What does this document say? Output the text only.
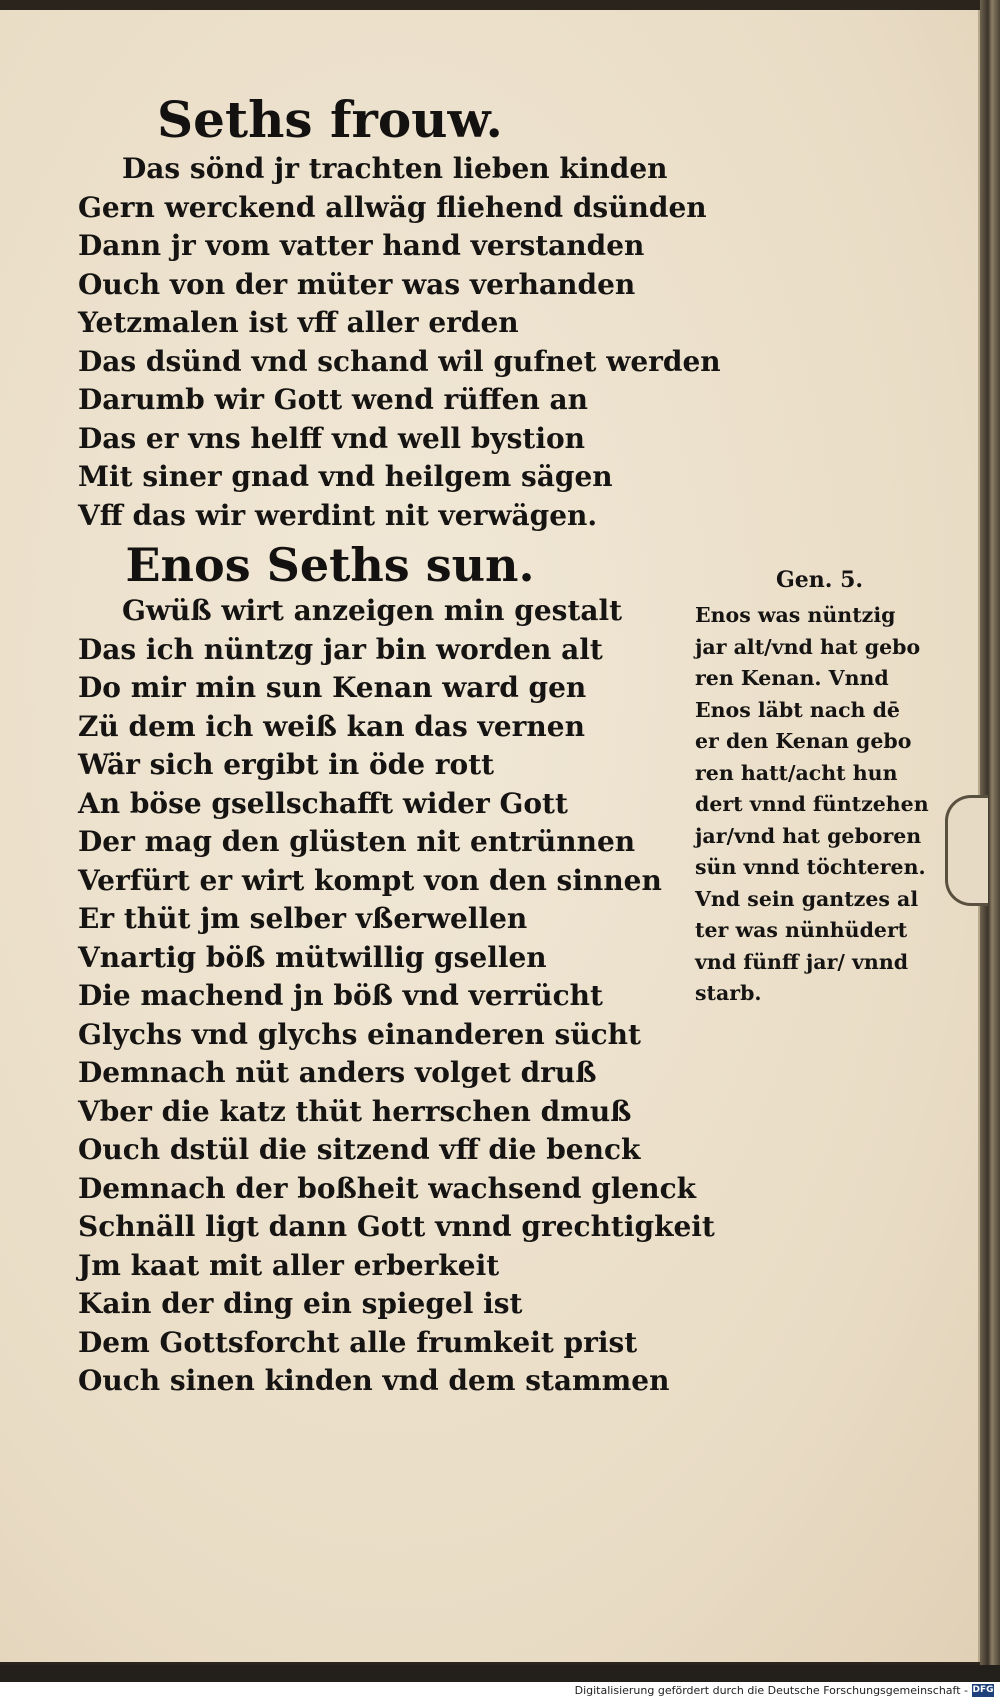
Seths frouw.
Das sönd jr trachten lieben kinden
Gern werckend allwäg fliehend dsünden
Dann jr vom vatter hand verstanden
Ouch von der müter was verhanden
Yetzmalen ist vff aller erden
Das dsünd vnd schand wil gufnet werden
Darumb wir Gott wend rüffen an
Das er vns helff vnd well bystion
Mit siner gnad vnd heilgem sägen
Vff das wir werdint nit verwägen.
Enos Seths sun.
Gwüß wirt anzeigen min gestalt
Das ich nüntzg jar bin worden alt
Do mir min sun Kenan ward gen
Zü dem ich weiß kan das vernen
Wär sich ergibt in öde rott
An böse gsellschafft wider Gott
Der mag den glüsten nit entrünnen
Verfürt er wirt kompt von den sinnen
Er thüt jm selber vßerwellen
Vnartig böß mütwillig gsellen
Die machend jn böß vnd verrücht
Glychs vnd glychs einanderen sücht
Demnach nüt anders volget druß
Vber die katz thüt herrschen dmuß
Ouch dstül die sitzend vff die benck
Demnach der boßheit wachsend glenck
Schnäll ligt dann Gott vnnd grechtigkeit
Jm kaat mit aller erberkeit
Kain der ding ein spiegel ist
Dem Gottsforcht alle frumkeit prist
Ouch sinen kinden vnd dem stammen
Gen. 5.
Enos was nüntzig
jar alt/vnd hat gebo
ren Kenan. Vnnd
Enos läbt nach dē
er den Kenan gebo
ren hatt/acht hun
dert vnnd füntzehen
jar/vnd hat geboren
sün vnnd töchteren.
Vnd sein gantzes al
ter was nünhüdert
vnd fünff jar/ vnnd
starb.
Digitalisierung gefördert durch die Deutsche Forschungsgemeinschaft - DFG
